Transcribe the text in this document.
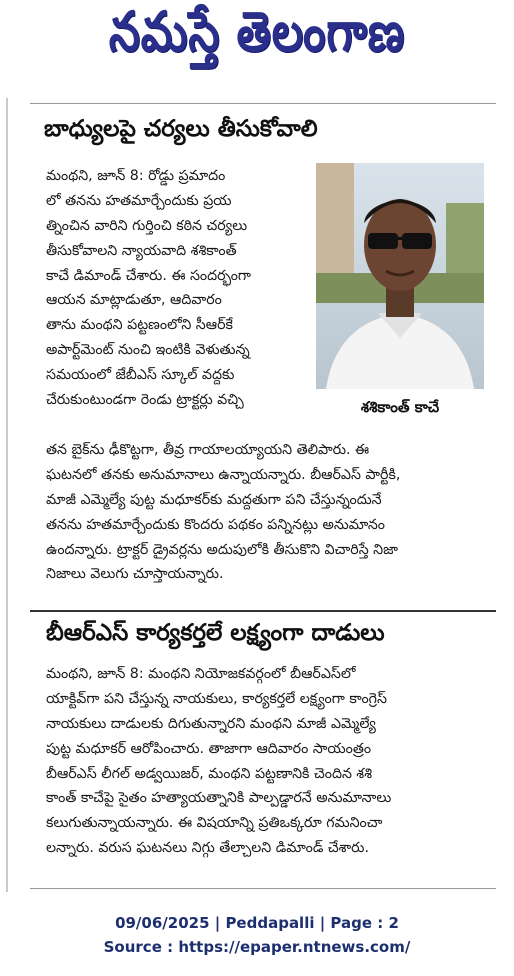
నమస్తే తెలంగాణ
బాధ్యులపై చర్యలు తీసుకోవాలి
మంథని, జూన్ 8: రోడ్డు ప్రమాదం
లో తనను హతమార్చేందుకు ప్రయ
త్నించిన వారిని గుర్తించి కఠిన చర్యలు
తీసుకోవాలని న్యాయవాది శశికాంత్
కాచే డిమాండ్ చేశారు. ఈ సందర్భంగా
ఆయన మాట్లాడుతూ, ఆదివారం
తాను మంథని పట్టణంలోని సీఆర్‌కే
అపార్ట్‌మెంట్ నుంచి ఇంటికి వెళుతున్న
సమయంలో జేబీఎస్ స్కూల్ వద్దకు
చేరుకుంటుండగా రెండు ట్రాక్టర్లు వచ్చి	శశికాంత్ కాచే
తన బైక్‌ను ఢీకొట్టగా, తీవ్ర గాయాలయ్యాయని తెలిపారు. ఈ
ఘటనలో తనకు అనుమానాలు ఉన్నాయన్నారు. బీఆర్‌ఎస్ పార్టీకి,
మాజీ ఎమ్మెల్యే పుట్ట మధూకర్‌కు మద్దతుగా పని చేస్తున్నందునే
తనను హతమార్చేందుకు కొందరు పథకం పన్నినట్లు అనుమానం
ఉందన్నారు. ట్రాక్టర్ డ్రైవర్లను అదుపులోకి తీసుకొని విచారిస్తే నిజా
నిజాలు వెలుగు చూస్తాయన్నారు.
బీఆర్ఎస్ కార్యకర్తలే లక్ష్యంగా దాడులు
మంథని, జూన్ 8: మంథని నియోజకవర్గంలో బీఆర్ఎస్‌లో
యాక్టివ్‌గా పని చేస్తున్న నాయకులు, కార్యకర్తలే లక్ష్యంగా కాంగ్రెస్
నాయకులు దాడులకు దిగుతున్నారని మంథని మాజీ ఎమ్మెల్యే
పుట్ట మధూకర్ ఆరోపించారు. తాజాగా ఆదివారం సాయంత్రం
బీఆర్ఎస్ లీగల్ అడ్వయిజర్, మంథని పట్టణానికి చెందిన శశి
కాంత్ కాచేపై సైతం హత్యాయత్నానికి పాల్పడ్డారనే అనుమానాలు
కలుగుతున్నాయన్నారు. ఈ విషయాన్ని ప్రతిఒక్కరూ గమనించా
లన్నారు. వరుస ఘటనలు నిగ్గు తేల్చాలని డిమాండ్ చేశారు.
09/06/2025 | Peddapalli | Page : 2
Source : https://epaper.ntnews.com/
